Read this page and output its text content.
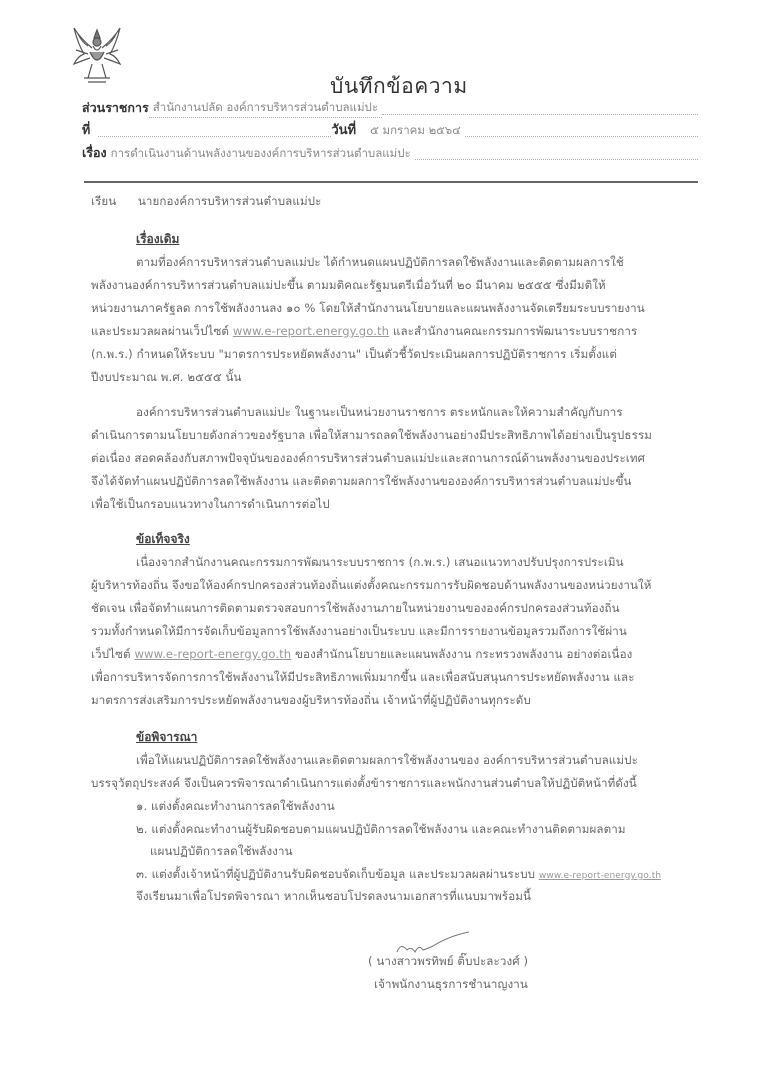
บันทึกข้อความ
ส่วนราชการ สำนักงานปลัด องค์การบริหารส่วนตำบลแม่ปะ
ที่	วันที่	๕ มกราคม ๒๕๖๔
เรื่อง การดำเนินงานด้านพลังงานของงค์การบริหารส่วนตำบลแม่ปะ
เรียน นายกองค์การบริหารส่วนตำบลแม่ปะ
เรื่องเดิม
ตามที่องค์การบริหารส่วนตำบลแม่ปะ ได้กำหนดแผนปฏิบัติการลดใช้พลังงานและติดตามผลการใช้
พลังงานองค์การบริหารส่วนตำบลแม่ปะขึ้น ตามมติคณะรัฐมนตรีเมื่อวันที่ ๒๐ มีนาคม ๒๕๕๕ ซึ่งมีมติให้
หน่วยงานภาครัฐลด การใช้พลังงานลง ๑๐ % โดยให้สำนักงานนโยบายและแผนพลังงานจัดเตรียมระบบรายงาน
และประมวลผลผ่านเว็ปไซต์ www.e-report.energy.go.th และสำนักงานคณะกรรมการพัฒนาระบบราชการ
(ก.พ.ร.) กำหนดให้ระบบ "มาตรการประหยัดพลังงาน" เป็นตัวชี้วัดประเมินผลการปฏิบัติราชการ เริ่มตั้งแต่
ปีงบประมาณ พ.ศ. ๒๕๕๕ นั้น
องค์การบริหารส่วนตำบลแม่ปะ ในฐานะเป็นหน่วยงานราชการ ตระหนักและให้ความสำคัญกับการ
ดำเนินการตามนโยบายดังกล่าวของรัฐบาล เพื่อให้สามารถลดใช้พลังงานอย่างมีประสิทธิภาพได้อย่างเป็นรูปธรรม
ต่อเนื่อง สอดคล้องกับสภาพปัจจุบันขององค์การบริหารส่วนตำบลแม่ปะและสถานการณ์ด้านพลังงานของประเทศ
จึงได้จัดทำแผนปฏิบัติการลดใช้พลังงาน และติดตามผลการใช้พลังงานขององค์การบริหารส่วนตำบลแม่ปะขึ้น
เพื่อใช้เป็นกรอบแนวทางในการดำเนินการต่อไป
ข้อเท็จจริง
เนื่องจากสำนักงานคณะกรรมการพัฒนาระบบราชการ (ก.พ.ร.) เสนอแนวทางปรับปรุงการประเมิน
ผู้บริหารท้องถิ่น จึงขอให้องค์กรปกครองส่วนท้องถิ่นแต่งตั้งคณะกรรมการรับผิดชอบด้านพลังงานของหน่วยงานให้
ชัดเจน เพื่อจัดทำแผนการติดตามตรวจสอบการใช้พลังงานภายในหน่วยงานขององค์กรปกครองส่วนท้องถิ่น
รวมทั้งกำหนดให้มีการจัดเก็บข้อมูลการใช้พลังงานอย่างเป็นระบบ และมีการรายงานข้อมูลรวมถึงการใช้ผ่าน
เว็ปไซต์ www.e-report-energy.go.th ของสำนักนโยบายและแผนพลังงาน กระทรวงพลังงาน อย่างต่อเนื่อง
เพื่อการบริหารจัดการการใช้พลังงานให้มีประสิทธิภาพเพิ่มมากขึ้น และเพื่อสนับสนุนการประหยัดพลังงาน และ
มาตรการส่งเสริมการประหยัดพลังงานของผู้บริหารท้องถิ่น เจ้าหน้าที่ผู้ปฏิบัติงานทุกระดับ
ข้อพิจารณา
เพื่อให้แผนปฏิบัติการลดใช้พลังงานและติดตามผลการใช้พลังงานของ องค์การบริหารส่วนตำบลแม่ปะ
บรรจุวัตถุประสงค์ จึงเป็นควรพิจารณาดำเนินการแต่งตั้งข้าราชการและพนักงานส่วนตำบลให้ปฏิบัติหน้าที่ดังนี้
๑. แต่งตั้งคณะทำงานการลดใช้พลังงาน
๒. แต่งตั้งคณะทำงานผู้รับผิดชอบตามแผนปฏิบัติการลดใช้พลังงาน และคณะทำงานติดตามผลตาม
แผนปฏิบัติการลดใช้พลังงาน
๓. แต่งตั้งเจ้าหน้าที่ผู้ปฏิบัติงานรับผิดชอบจัดเก็บข้อมูล และประมวลผลผ่านระบบ www.e-report-energy.go.th
จึงเรียนมาเพื่อโปรดพิจารณา หากเห็นชอบโปรดลงนามเอกสารที่แนบมาพร้อมนี้
( นางสาวพรทิพย์ ติ๊บปะละวงศ์ )
เจ้าพนักงานธุรการชำนาญงาน
